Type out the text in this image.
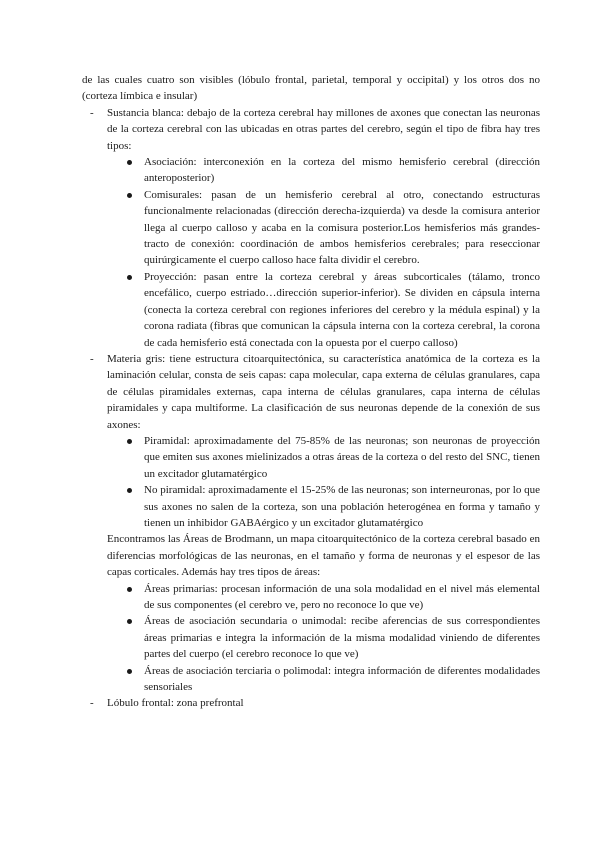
de las cuales cuatro son visibles (lóbulo frontal, parietal, temporal y occipital) y los otros dos no (corteza límbica e insular)

- Sustancia blanca: debajo de la corteza cerebral hay millones de axones que conectan las neuronas de la corteza cerebral con las ubicadas en otras partes del cerebro, según el tipo de fibra hay tres tipos:

Asociación: interconexión en la corteza del mismo hemisferio cerebral (dirección anteroposterior)

Comisurales: pasan de un hemisferio cerebral al otro, conectando estructuras funcionalmente relacionadas (dirección derecha-izquierda) va desde la comisura anterior llega al cuerpo calloso y acaba en la comisura posterior.Los hemisferios más grandes-tracto de conexión: coordinación de ambos hemisferios cerebrales; para reseccionar quirúrgicamente el cuerpo calloso hace falta dividir el cerebro.

Proyección: pasan entre la corteza cerebral y áreas subcorticales (tálamo, tronco encefálico, cuerpo estriado…dirección superior-inferior). Se dividen en cápsula interna (conecta la corteza cerebral con regiones inferiores del cerebro y la médula espinal) y la corona radiata (fibras que comunican la cápsula interna con la corteza cerebral, la corona de cada hemisferio está conectada con la opuesta por el cuerpo calloso)

- Materia gris: tiene estructura citoarquitectónica, su característica anatómica de la corteza es la laminación celular, consta de seis capas: capa molecular, capa externa de células granulares, capa de células piramidales externas, capa interna de células granulares, capa interna de células piramidales y capa multiforme. La clasificación de sus neuronas depende de la conexión de sus axones:

Piramidal: aproximadamente del 75-85% de las neuronas; son neuronas de proyección que emiten sus axones mielinizados a otras áreas de la corteza o del resto del SNC, tienen un excitador glutamatérgico

No piramidal: aproximadamente el 15-25% de las neuronas; son interneuronas, por lo que sus axones no salen de la corteza, son una población heterogénea en forma y tamaño y tienen un inhibidor GABAérgico y un excitador glutamatérgico

Encontramos las Áreas de Brodmann, un mapa citoarquitectónico de la corteza cerebral basado en diferencias morfológicas de las neuronas, en el tamaño y forma de neuronas y el espesor de las capas corticales. Además hay tres tipos de áreas:

Áreas primarias: procesan información de una sola modalidad en el nivel más elemental de sus componentes (el cerebro ve, pero no reconoce lo que ve)

Áreas de asociación secundaria o unimodal: recibe aferencias de sus correspondientes áreas primarias e integra la información de la misma modalidad viniendo de diferentes partes del cuerpo (el cerebro reconoce lo que ve)

Áreas de asociación terciaria o polimodal: integra información de diferentes modalidades sensoriales

- Lóbulo frontal: zona prefrontal
